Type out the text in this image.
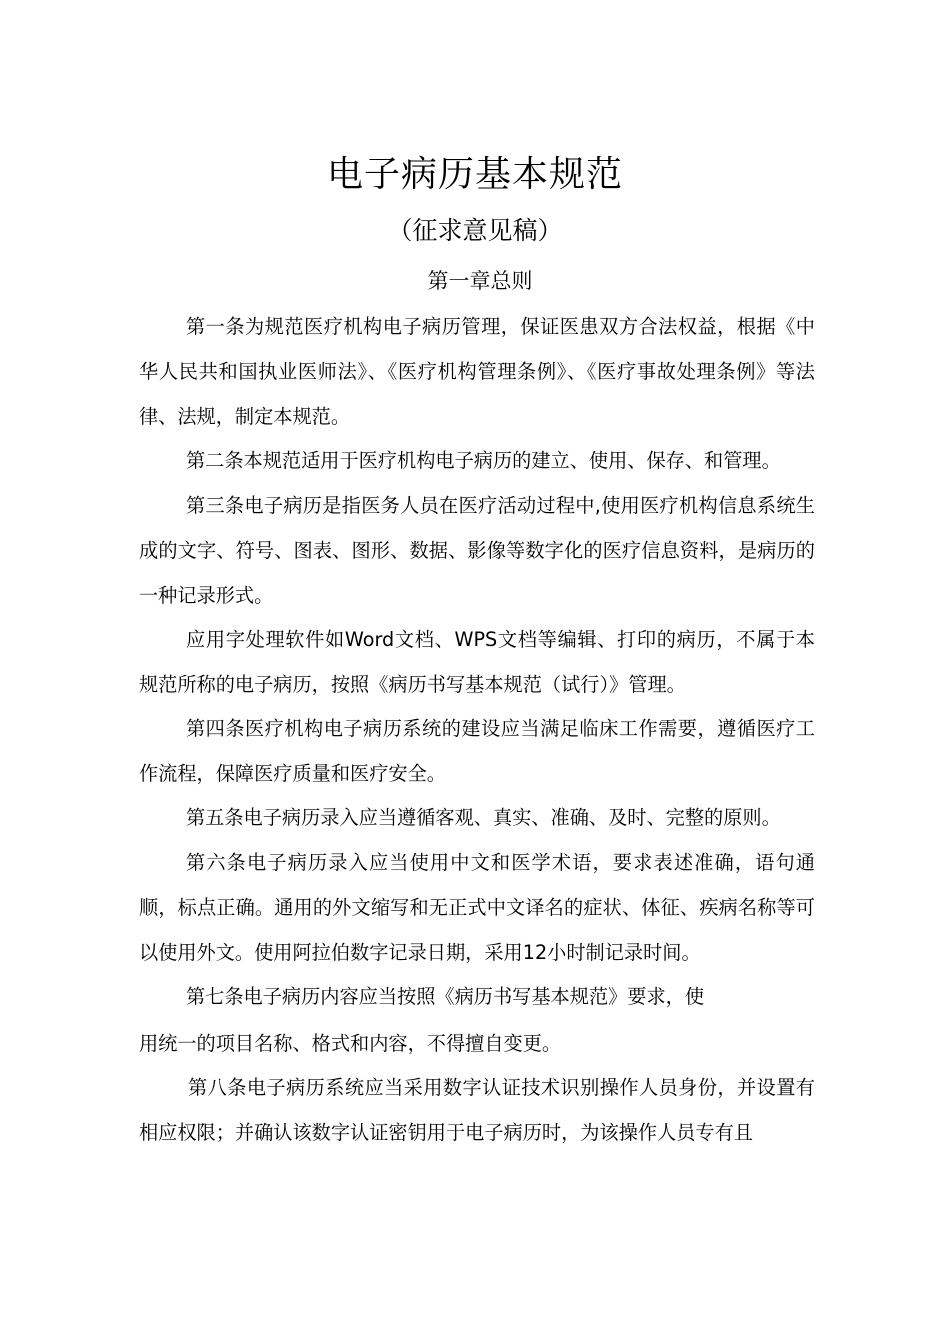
电子病历基本规范
（征求意见稿）
第一章总则

第一条为规范医疗机构电子病历管理，保证医患双方合法权益，根据《中华人民共和国执业医师法》、《医疗机构管理条例》、《医疗事故处理条例》等法律、法规，制定本规范。

第二条本规范适用于医疗机构电子病历的建立、使用、保存、和管理。

第三条电子病历是指医务人员在医疗活动过程中,使用医疗机构信息系统生成的文字、符号、图表、图形、数据、影像等数字化的医疗信息资料，是病历的一种记录形式。

应用字处理软件如Word文档、WPS文档等编辑、打印的病历，不属于本规范所称的电子病历，按照《病历书写基本规范（试行）》管理。

第四条医疗机构电子病历系统的建设应当满足临床工作需要，遵循医疗工作流程，保障医疗质量和医疗安全。

第五条电子病历录入应当遵循客观、真实、准确、及时、完整的原则。

第六条电子病历录入应当使用中文和医学术语，要求表述准确，语句通顺，标点正确。通用的外文缩写和无正式中文译名的症状、体征、疾病名称等可以使用外文。使用阿拉伯数字记录日期，采用12小时制记录时间。

第七条电子病历内容应当按照《病历书写基本规范》要求，使

用统一的项目名称、格式和内容，不得擅自变更。

第八条电子病历系统应当采用数字认证技术识别操作人员身份，并设置有相应权限；并确认该数字认证密钥用于电子病历时，为该操作人员专有且
